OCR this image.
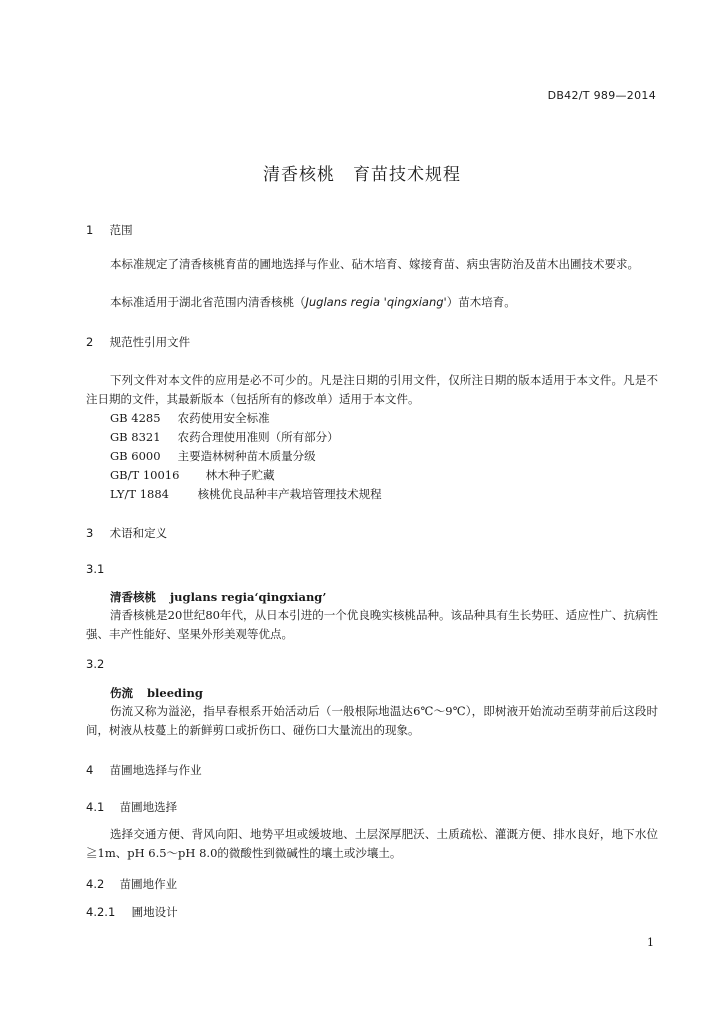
DB42/T 989—2014
清香核桃　育苗技术规程
1 范围
本标准规定了清香核桃育苗的圃地选择与作业、砧木培育、嫁接育苗、病虫害防治及苗木出圃技术要求。
本标准适用于湖北省范围内清香核桃（Juglans regia 'qingxiang'）苗木培育。
2 规范性引用文件
下列文件对本文件的应用是必不可少的。凡是注日期的引用文件，仅所注日期的版本适用于本文件。凡是不注日期的文件，其最新版本（包括所有的修改单）适用于本文件。
GB 4285 农药使用安全标准
GB 8321 农药合理使用准则（所有部分）
GB 6000 主要造林树种苗木质量分级
GB/T 10016 林木种子贮藏
LY/T 1884 核桃优良品种丰产栽培管理技术规程
3 术语和定义
3.1
清香核桃 juglans regia‘qingxiang’
清香核桃是20世纪80年代，从日本引进的一个优良晚实核桃品种。该品种具有生长势旺、适应性广、抗病性强、丰产性能好、坚果外形美观等优点。
3.2
伤流 bleeding
伤流又称为溢泌，指早春根系开始活动后（一般根际地温达6℃～9℃），即树液开始流动至萌芽前后这段时间，树液从枝蔓上的新鲜剪口或折伤口、碰伤口大量流出的现象。
4 苗圃地选择与作业
4.1 苗圃地选择
选择交通方便、背风向阳、地势平坦或缓坡地、土层深厚肥沃、土质疏松、灌溉方便、排水良好，地下水位≧1m、pH 6.5～pH 8.0的微酸性到微碱性的壤土或沙壤土。
4.2 苗圃地作业
4.2.1 圃地设计
1
